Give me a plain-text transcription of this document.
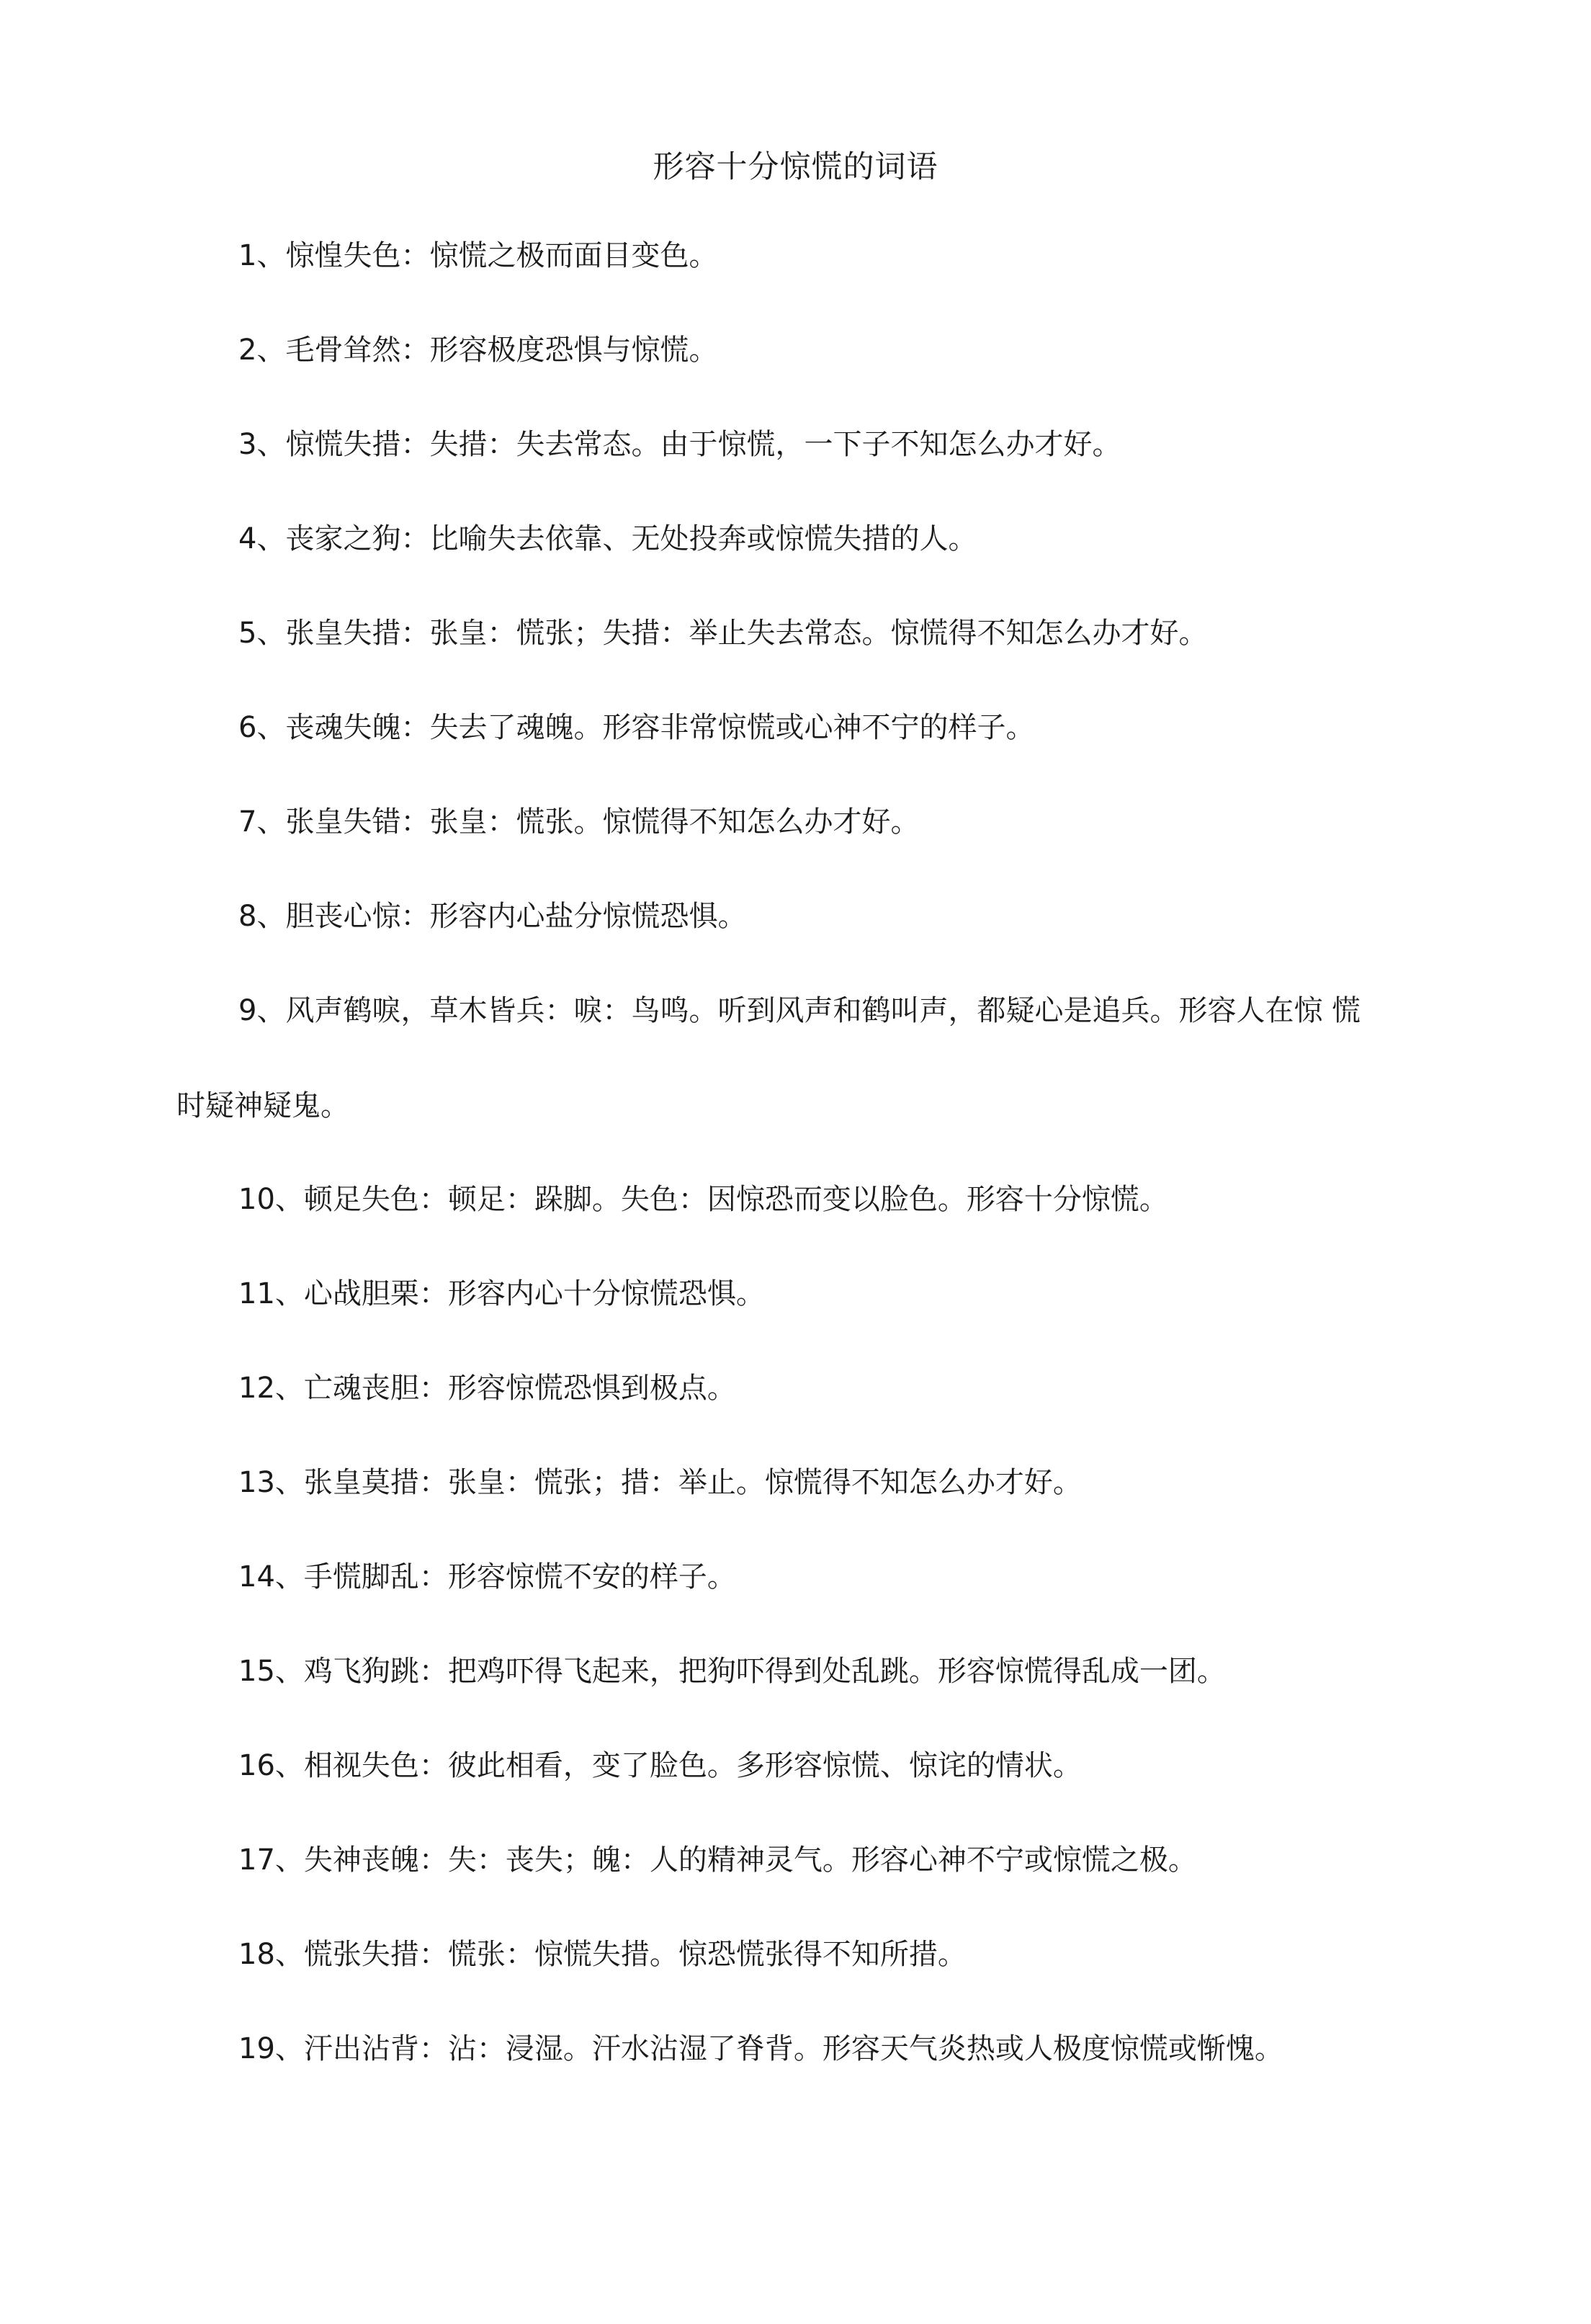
形容十分惊慌的词语
1、惊惶失色：惊慌之极而面目变色。
2、毛骨耸然：形容极度恐惧与惊慌。
3、惊慌失措：失措：失去常态。由于惊慌，一下子不知怎么办才好。
4、丧家之狗：比喻失去依靠、无处投奔或惊慌失措的人。
5、张皇失措：张皇：慌张；失措：举止失去常态。惊慌得不知怎么办才好。
6、丧魂失魄：失去了魂魄。形容非常惊慌或心神不宁的样子。
7、张皇失错：张皇：慌张。惊慌得不知怎么办才好。
8、胆丧心惊：形容内心盐分惊慌恐惧。
9、风声鹤唳，草木皆兵：唳：鸟鸣。听到风声和鹤叫声，都疑心是追兵。形容人在惊 慌
时疑神疑鬼。
10、顿足失色：顿足：跺脚。失色：因惊恐而变以脸色。形容十分惊慌。
11、心战胆栗：形容内心十分惊慌恐惧。
12、亡魂丧胆：形容惊慌恐惧到极点。
13、张皇莫措：张皇：慌张；措：举止。惊慌得不知怎么办才好。
14、手慌脚乱：形容惊慌不安的样子。
15、鸡飞狗跳：把鸡吓得飞起来，把狗吓得到处乱跳。形容惊慌得乱成一团。
16、相视失色：彼此相看，变了脸色。多形容惊慌、惊诧的情状。
17、失神丧魄：失：丧失；魄：人的精神灵气。形容心神不宁或惊慌之极。
18、慌张失措：慌张：惊慌失措。惊恐慌张得不知所措。
19、汗出沾背：沾：浸湿。汗水沾湿了脊背。形容天气炎热或人极度惊慌或惭愧。
